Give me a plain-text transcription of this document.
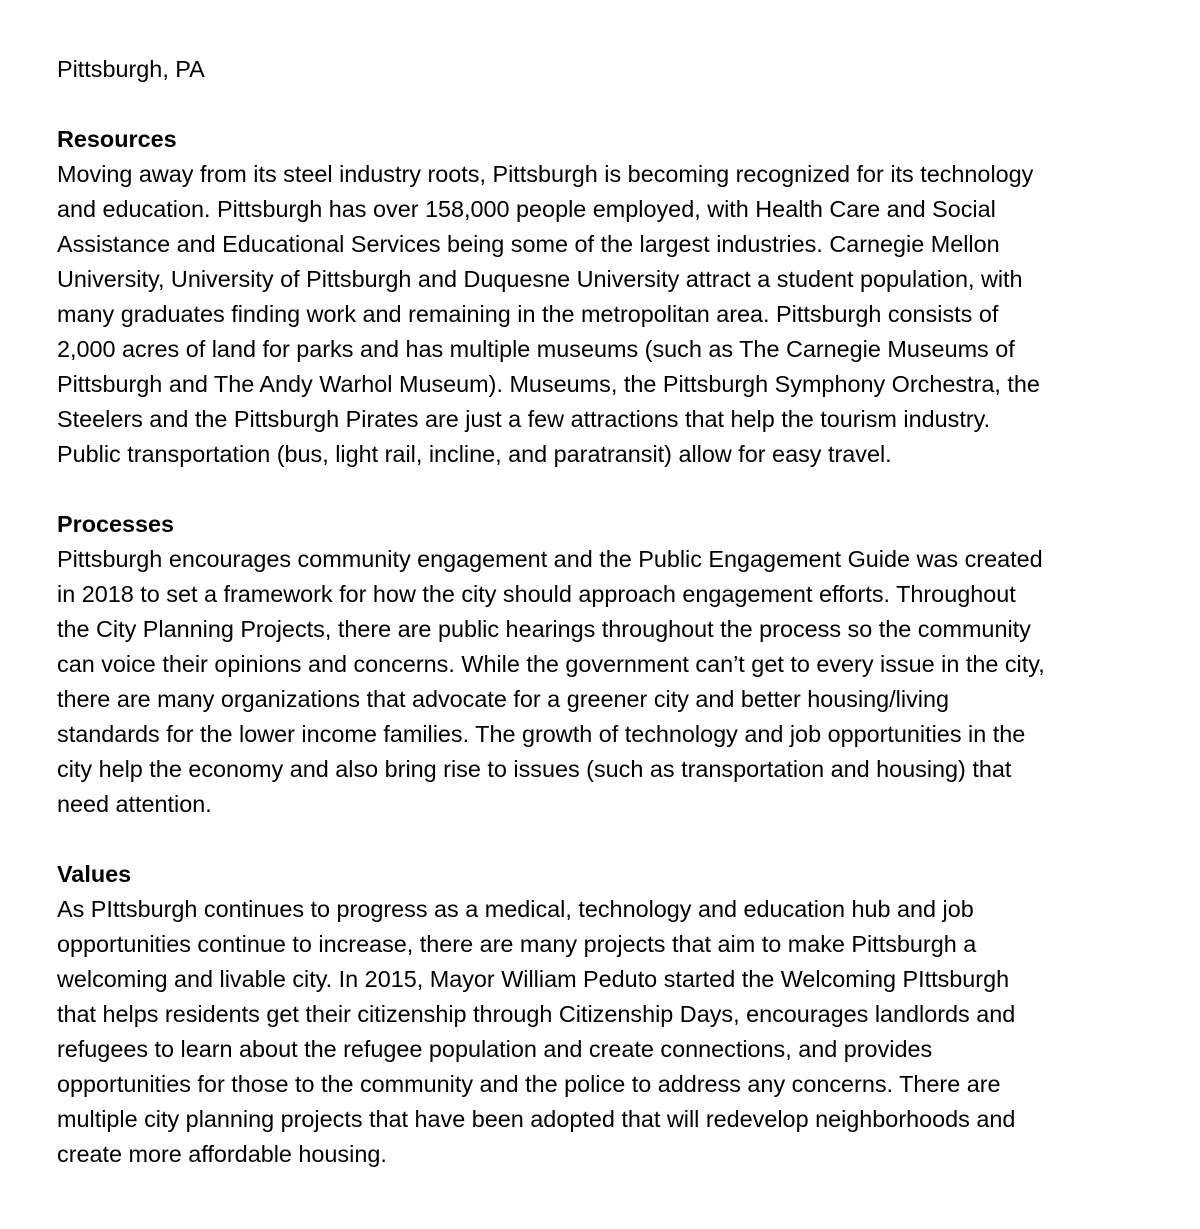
Pittsburgh, PA

Resources

Moving away from its steel industry roots, Pittsburgh is becoming recognized for its technology
and education. Pittsburgh has over 158,000 people employed, with Health Care and Social
Assistance and Educational Services being some of the largest industries. Carnegie Mellon
University, University of Pittsburgh and Duquesne University attract a student population, with
many graduates finding work and remaining in the metropolitan area. Pittsburgh consists of
2,000 acres of land for parks and has multiple museums (such as The Carnegie Museums of
Pittsburgh and The Andy Warhol Museum). Museums, the Pittsburgh Symphony Orchestra, the
Steelers and the Pittsburgh Pirates are just a few attractions that help the tourism industry.
Public transportation (bus, light rail, incline, and paratransit) allow for easy travel.

Processes

Pittsburgh encourages community engagement and the Public Engagement Guide was created
in 2018 to set a framework for how the city should approach engagement efforts. Throughout
the City Planning Projects, there are public hearings throughout the process so the community
can voice their opinions and concerns. While the government can’t get to every issue in the city,
there are many organizations that advocate for a greener city and better housing/living
standards for the lower income families. The growth of technology and job opportunities in the
city help the economy and also bring rise to issues (such as transportation and housing) that
need attention.

Values

As PIttsburgh continues to progress as a medical, technology and education hub and job
opportunities continue to increase, there are many projects that aim to make Pittsburgh a
welcoming and livable city. In 2015, Mayor William Peduto started the Welcoming PIttsburgh
that helps residents get their citizenship through Citizenship Days, encourages landlords and
refugees to learn about the refugee population and create connections, and provides
opportunities for those to the community and the police to address any concerns. There are
multiple city planning projects that have been adopted that will redevelop neighborhoods and
create more affordable housing.
